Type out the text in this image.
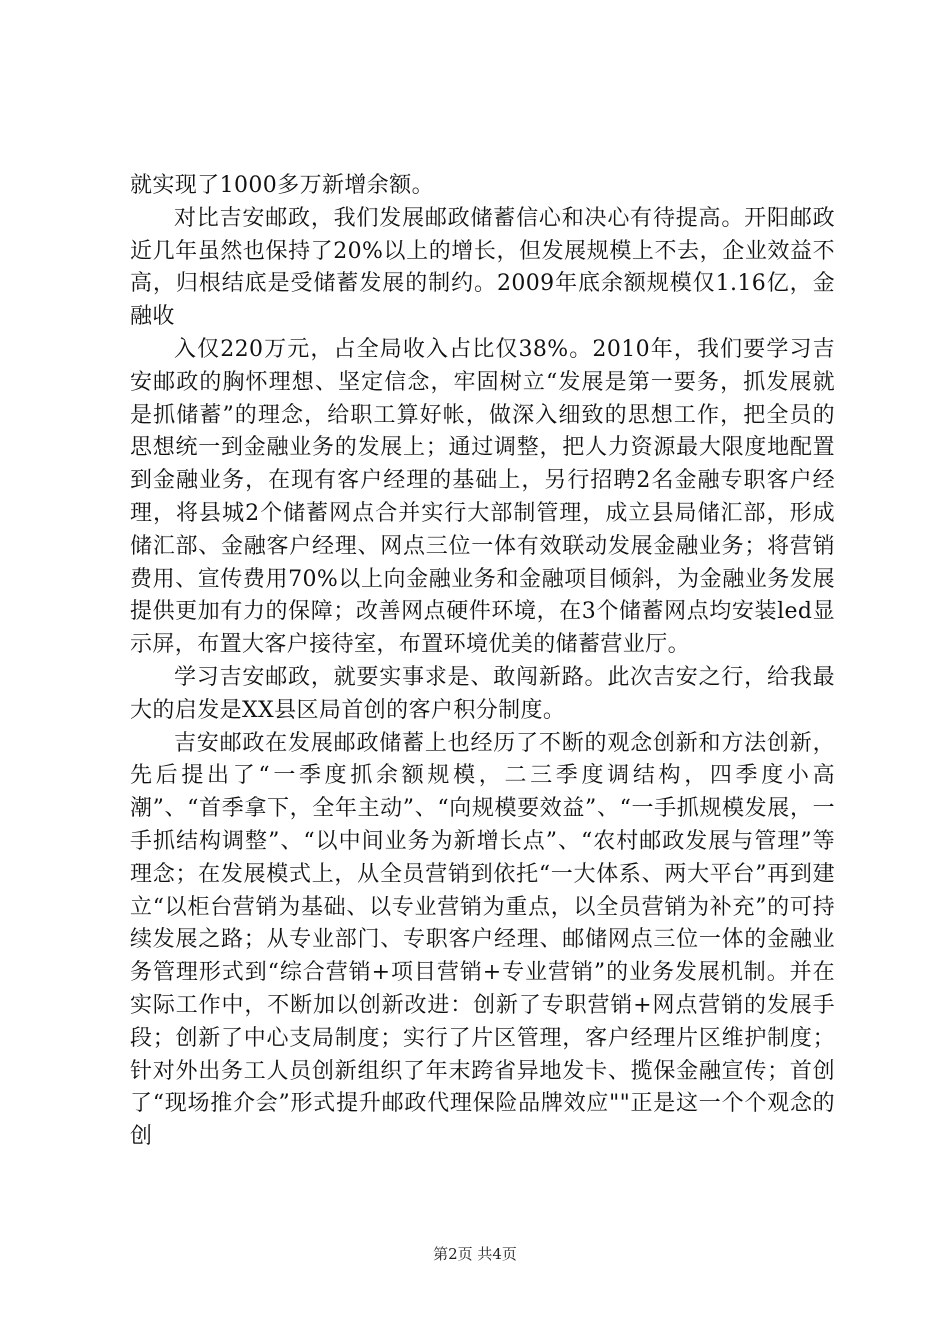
就实现了1000多万新增余额。

对比吉安邮政，我们发展邮政储蓄信心和决心有待提高。开阳邮政近几年虽然也保持了20%以上的增长，但发展规模上不去，企业效益不高，归根结底是受储蓄发展的制约。2009年底余额规模仅1.16亿，金融收

入仅220万元，占全局收入占比仅38%。2010年，我们要学习吉安邮政的胸怀理想、坚定信念，牢固树立“发展是第一要务，抓发展就是抓储蓄”的理念，给职工算好帐，做深入细致的思想工作，把全员的思想统一到金融业务的发展上；通过调整，把人力资源最大限度地配置到金融业务，在现有客户经理的基础上，另行招聘2名金融专职客户经理，将县城2个储蓄网点合并实行大部制管理，成立县局储汇部，形成储汇部、金融客户经理、网点三位一体有效联动发展金融业务；将营销费用、宣传费用70%以上向金融业务和金融项目倾斜，为金融业务发展提供更加有力的保障；改善网点硬件环境，在3个储蓄网点均安装led显示屏，布置大客户接待室，布置环境优美的储蓄营业厅。

学习吉安邮政，就要实事求是、敢闯新路。此次吉安之行，给我最大的启发是XX县区局首创的客户积分制度。

吉安邮政在发展邮政储蓄上也经历了不断的观念创新和方法创新，先后提出了“一季度抓余额规模，二三季度调结构，四季度小高潮”、“首季拿下，全年主动”、“向规模要效益”、“一手抓规模发展，一手抓结构调整”、“以中间业务为新增长点”、“农村邮政发展与管理”等理念；在发展模式上，从全员营销到依托“一大体系、两大平台”再到建立“以柜台营销为基础、以专业营销为重点，以全员营销为补充”的可持续发展之路；从专业部门、专职客户经理、邮储网点三位一体的金融业务管理形式到“综合营销+项目营销+专业营销”的业务发展机制。并在实际工作中，不断加以创新改进：创新了专职营销+网点营销的发展手段；创新了中心支局制度；实行了片区管理，客户经理片区维护制度；针对外出务工人员创新组织了年末跨省异地发卡、揽保金融宣传；首创了“现场推介会”形式提升邮政代理保险品牌效应""正是这一个个观念的创

第2页 共4页
